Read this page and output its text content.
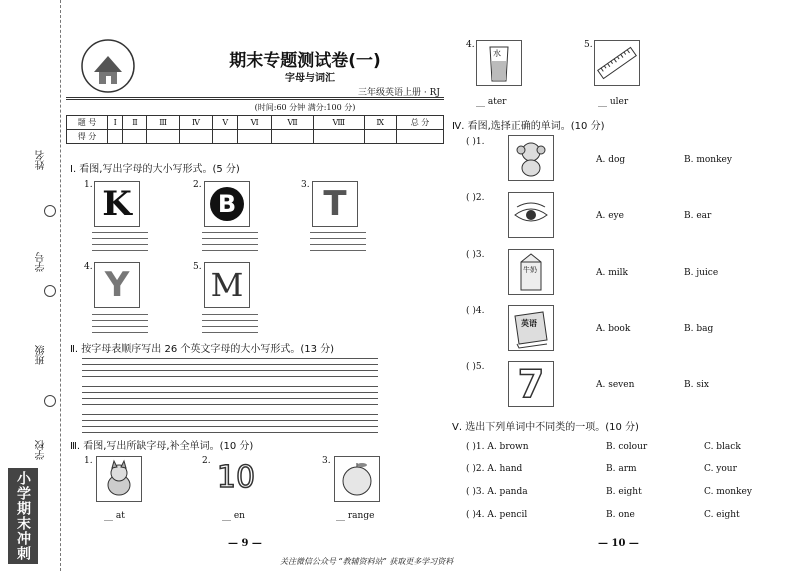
姓名
学号
班级
学校
小学期末冲刺
期末专题测试卷(一)
字母与词汇
三年级英语上册 · RJ
(时间:60 分钟 满分:100 分)
题 号	Ⅰ	Ⅱ	Ⅲ	Ⅳ	Ⅴ	Ⅵ	Ⅶ	Ⅷ	Ⅸ	总 分
得 分										
Ⅰ. 看图,写出字母的大小写形式。(5 分)
1. K	2.
B
3. T
4. Y	5. M
Ⅱ. 按字母表顺序写出 26 个英文字母的大小写形式。(13 分)
Ⅲ. 看图,写出所缺字母,补全单词。(10 分)
1.
__ at
2. 10
__ en
3.
__ range
— 9 —
4.
水
__ ater
5.
__ uler
Ⅳ. 看图,选择正确的单词。(10 分)
( )1.
A. dog	B. monkey
( )2.
A. eye	B. ear
( )3.
牛奶	A. milk	B. juice
( )4.
英语
A. book	B. bag
( )5. 7	A. seven	B. six
Ⅴ. 选出下列单词中不同类的一项。(10 分)
( )1. A. brown	B. colour	C. black
( )2. A. hand	B. arm	C. your
( )3. A. panda	B. eight	C. monkey
( )4. A. pencil	B. one	C. eight
— 10 —
关注微信公众号 “教辅资料站” 获取更多学习资料
